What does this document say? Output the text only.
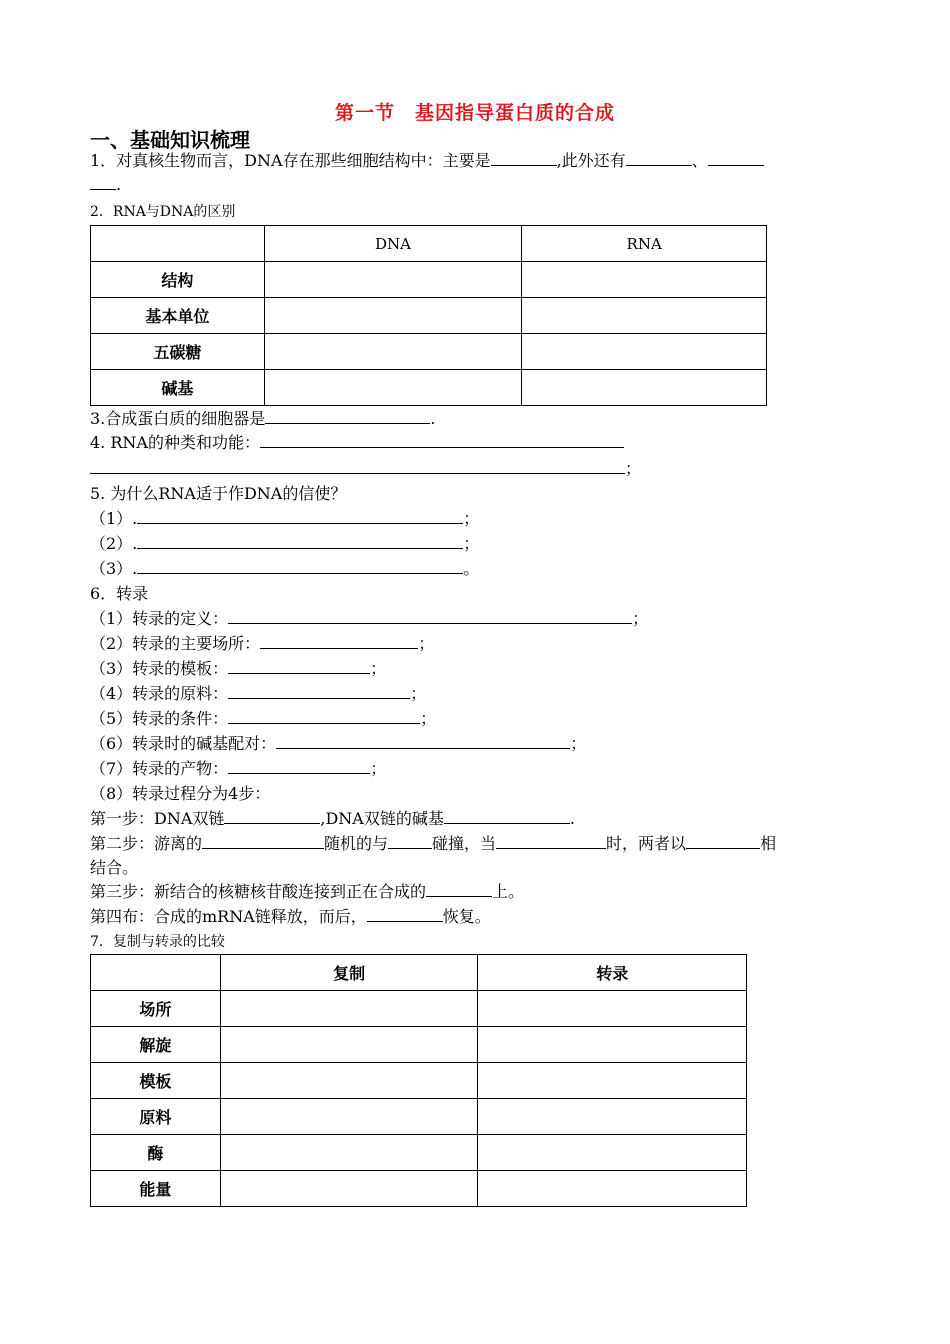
第一节　基因指导蛋白质的合成
一、基础知识梳理
1．对真核生物而言，DNA存在那些细胞结构中：主要是	,此外还有	、
.
2．RNA与DNA的区别
	DNA	RNA
结构		
基本单位		
五碳糖		
碱基		
3.合成蛋白质的细胞器是	.
4. RNA的种类和功能：
；
5. 为什么RNA适于作DNA的信使？
（1）.	；
（2）.	；
（3）.	。
6．转录
（1）转录的定义：	；
（2）转录的主要场所：	；
（3）转录的模板：	；
（4）转录的原料：	；
（5）转录的条件：	；
（6）转录时的碱基配对：	；
（7）转录的产物：	；
（8）转录过程分为4步：
第一步：DNA双链	,DNA双链的碱基	.
第二步：游离的	随机的与	碰撞，当	时，两者以	相
结合。
第三步：新结合的核糖核苷酸连接到正在合成的	上。
第四布：合成的mRNA链释放，而后，	恢复。
7．复制与转录的比较
	复制	转录
场所		
解旋		
模板		
原料		
酶		
能量		
